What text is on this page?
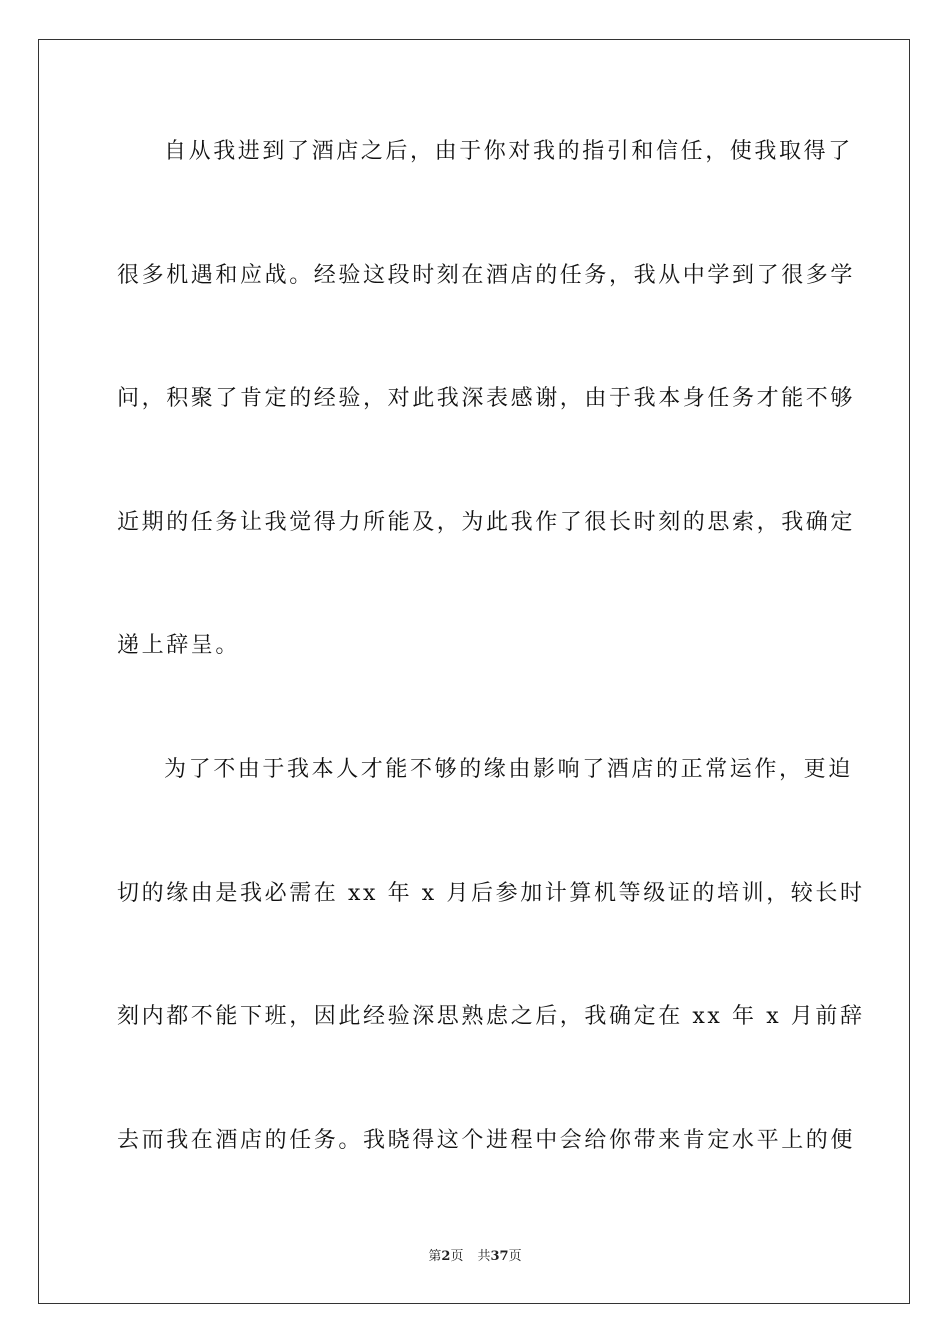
自从我进到了酒店之后，由于你对我的指引和信任，使我取得了
很多机遇和应战。经验这段时刻在酒店的任务，我从中学到了很多学
问，积聚了肯定的经验，对此我深表感谢，由于我本身任务才能不够
近期的任务让我觉得力所能及，为此我作了很长时刻的思索，我确定
递上辞呈。
为了不由于我本人才能不够的缘由影响了酒店的正常运作，更迫
切的缘由是我必需在 xx 年 x 月后参加计算机等级证的培训，较长时
刻内都不能下班，因此经验深思熟虑之后，我确定在 xx 年 x 月前辞
去而我在酒店的任务。我晓得这个进程中会给你带来肯定水平上的便
第2页 共37页
